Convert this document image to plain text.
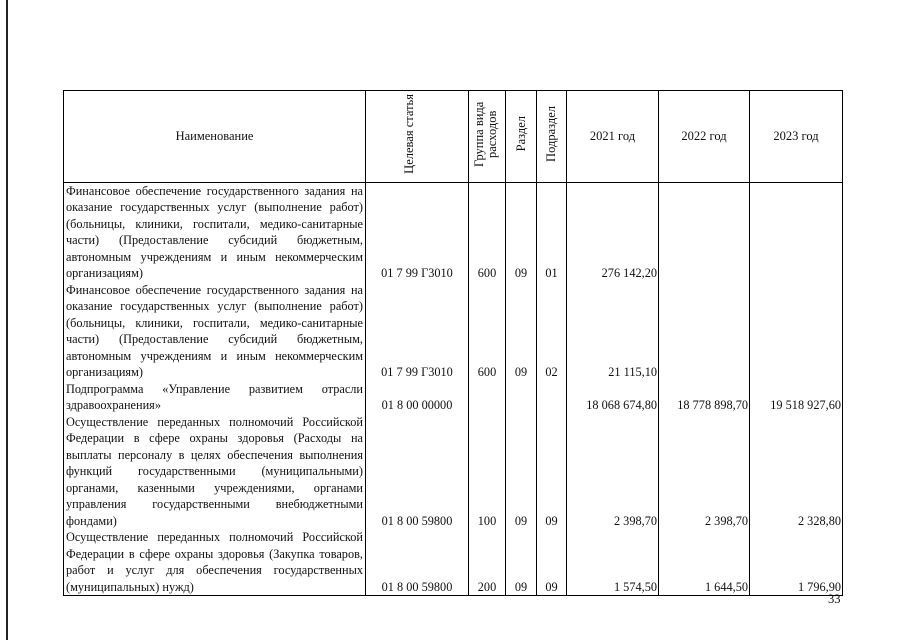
Наименование	Целевая статья	Группа вида расходов	Раздел	Подраздел	2021 год	2022 год	2023 год
Финансовое обеспечение государственного задания на оказание государственных услуг (выполнение работ) (больницы, клиники, госпитали, медико-санитарные части) (Предоставление субсидий бюджетным, автономным учреждениям и иным некоммерческим организациям)	01 7 99 Г3010	600	09	01	276 142,20		
Финансовое обеспечение государственного задания на оказание государственных услуг (выполнение работ) (больницы, клиники, госпитали, медико-санитарные части) (Предоставление субсидий бюджетным, автономным учреждениям и иным некоммерческим организациям)	01 7 99 Г3010	600	09	02	21 115,10		
Подпрограмма «Управление развитием отрасли здравоохранения»	01 8 00 00000				18 068 674,80	18 778 898,70	19 518 927,60
Осуществление переданных полномочий Российской Федерации в сфере охраны здоровья (Расходы на выплаты персоналу в целях обеспечения выполнения функций государственными (муниципальными) органами, казенными учреждениями, органами управления государственными внебюджетными фондами)	01 8 00 59800	100	09	09	2 398,70	2 398,70	2 328,80
Осуществление переданных полномочий Российской Федерации в сфере охраны здоровья (Закупка товаров, работ и услуг для обеспечения государственных (муниципальных) нужд)	01 8 00 59800	200	09	09	1 574,50	1 644,50	1 796,90
33
